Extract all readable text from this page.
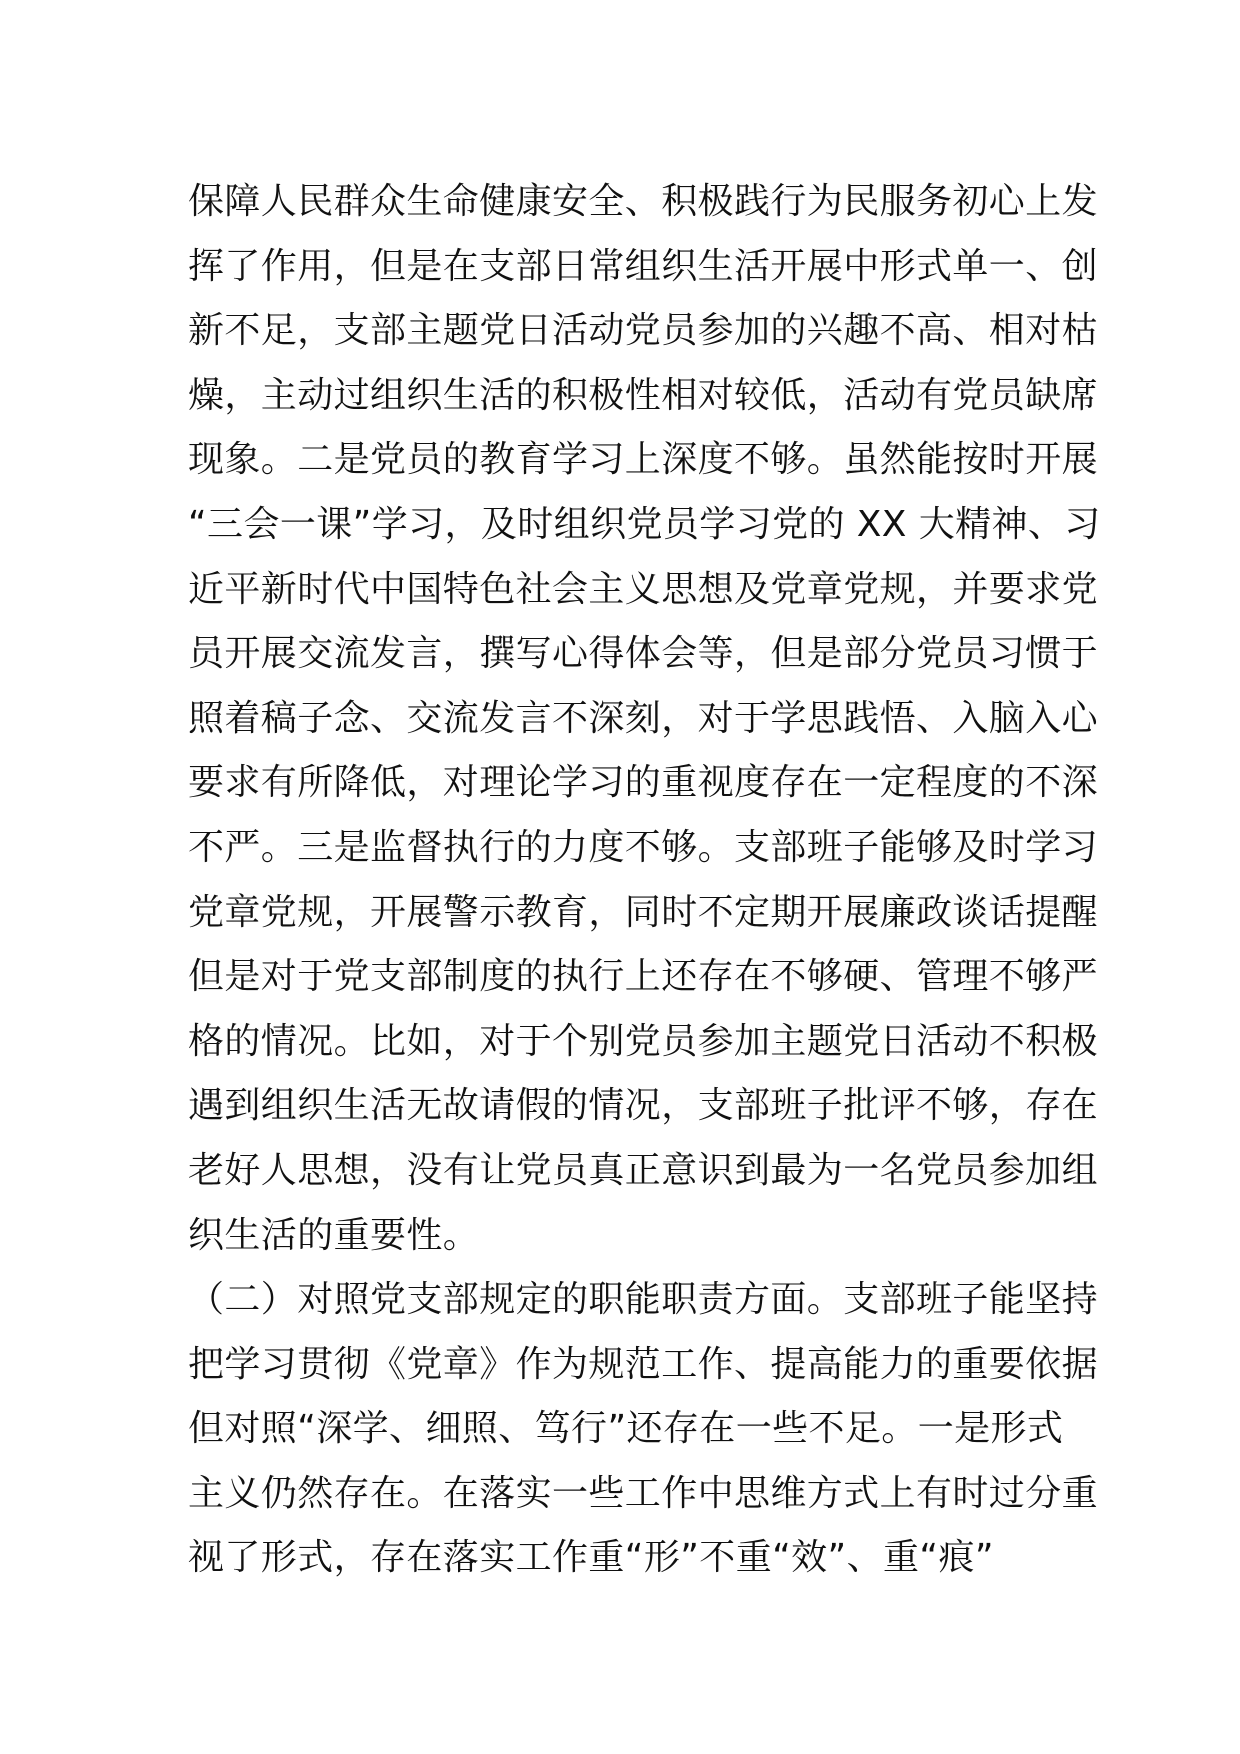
保障人民群众生命健康安全、积极践行为民服务初心上发
挥了作用，但是在支部日常组织生活开展中形式单一、创
新不足，支部主题党日活动党员参加的兴趣不高、相对枯
燥，主动过组织生活的积极性相对较低，活动有党员缺席
现象。二是党员的教育学习上深度不够。虽然能按时开展
“三会一课”学习，及时组织党员学习党的 XX 大精神、习
近平新时代中国特色社会主义思想及党章党规，并要求党
员开展交流发言，撰写心得体会等，但是部分党员习惯于
照着稿子念、交流发言不深刻，对于学思践悟、入脑入心
要求有所降低，对理论学习的重视度存在一定程度的不深
不严。三是监督执行的力度不够。支部班子能够及时学习
党章党规，开展警示教育，同时不定期开展廉政谈话提醒
但是对于党支部制度的执行上还存在不够硬、管理不够严
格的情况。比如，对于个别党员参加主题党日活动不积极
遇到组织生活无故请假的情况，支部班子批评不够，存在
老好人思想，没有让党员真正意识到最为一名党员参加组
织生活的重要性。
（二）对照党支部规定的职能职责方面。支部班子能坚持
把学习贯彻《党章》作为规范工作、提高能力的重要依据
但对照“深学、细照、笃行”还存在一些不足。一是形式
主义仍然存在。在落实一些工作中思维方式上有时过分重
视了形式，存在落实工作重“形”不重“效”、重“痕”
